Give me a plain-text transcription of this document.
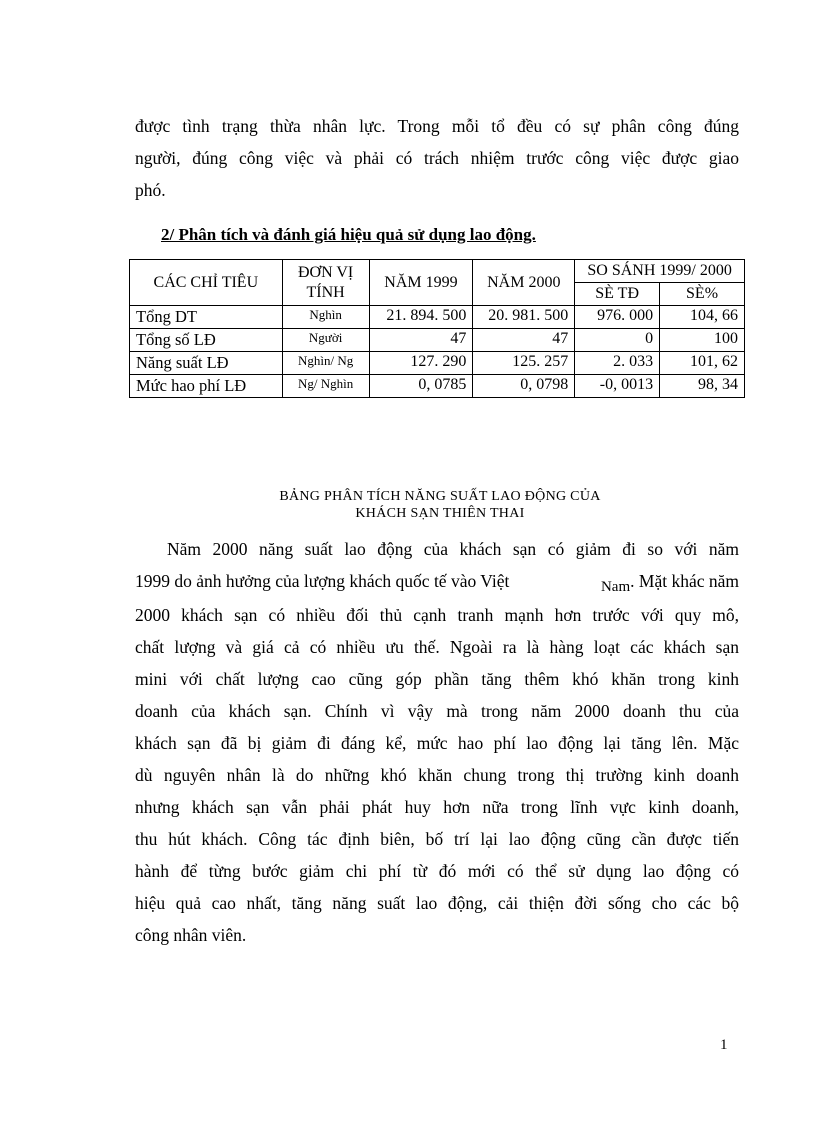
được tình trạng thừa nhân lực. Trong mỗi tổ đều có sự phân công đúng
người, đúng công việc và phải có trách nhiệm trước công việc được giao
phó.
2/ Phân tích và đánh giá hiệu quả sử dụng lao động.
CÁC CHỈ TIÊU	ĐƠN VỊ TÍNH	NĂM 1999	NĂM 2000	SO SÁNH 1999/ 2000	
				SÈ TĐ	SÈ%
Tổng DT	Nghìn	21. 894. 500	20. 981. 500	976. 000	104, 66
Tổng số LĐ	Người	47	47	0	100
Năng suất LĐ	Nghìn/ Ng	127. 290	125. 257	2. 033	101, 62
Mức hao phí LĐ	Ng/ Nghìn	0, 0785	0, 0798	-0, 0013	98, 34
BẢNG PHÂN TÍCH NĂNG SUẤT LAO ĐỘNG CỦA
KHÁCH SẠN THIÊN THAI
Năm 2000 năng suất lao động của khách sạn có giảm đi so với năm
1999 do ảnh hưởng của lượng khách quốc tế vào Việt	Nam. Mặt khác năm
2000 khách sạn có nhiều đối thủ cạnh tranh mạnh hơn trước với quy mô,
chất lượng và giá cả có nhiều ưu thế. Ngoài ra là hàng loạt các khách sạn
mini với chất lượng cao cũng góp phần tăng thêm khó khăn trong kinh
doanh của khách sạn. Chính vì vậy mà trong năm 2000 doanh thu của
khách sạn đã bị giảm đi đáng kể, mức hao phí lao động lại tăng lên. Mặc
dù nguyên nhân là do những khó khăn chung trong thị trường kinh doanh
nhưng khách sạn vẫn phải phát huy hơn nữa trong lĩnh vực kinh doanh,
thu hút khách. Công tác định biên, bố trí lại lao động cũng cần được tiến
hành để từng bước giảm chi phí từ đó mới có thể sử dụng lao động có
hiệu quả cao nhất, tăng năng suất lao động, cải thiện đời sống cho các bộ
công nhân viên.
1
